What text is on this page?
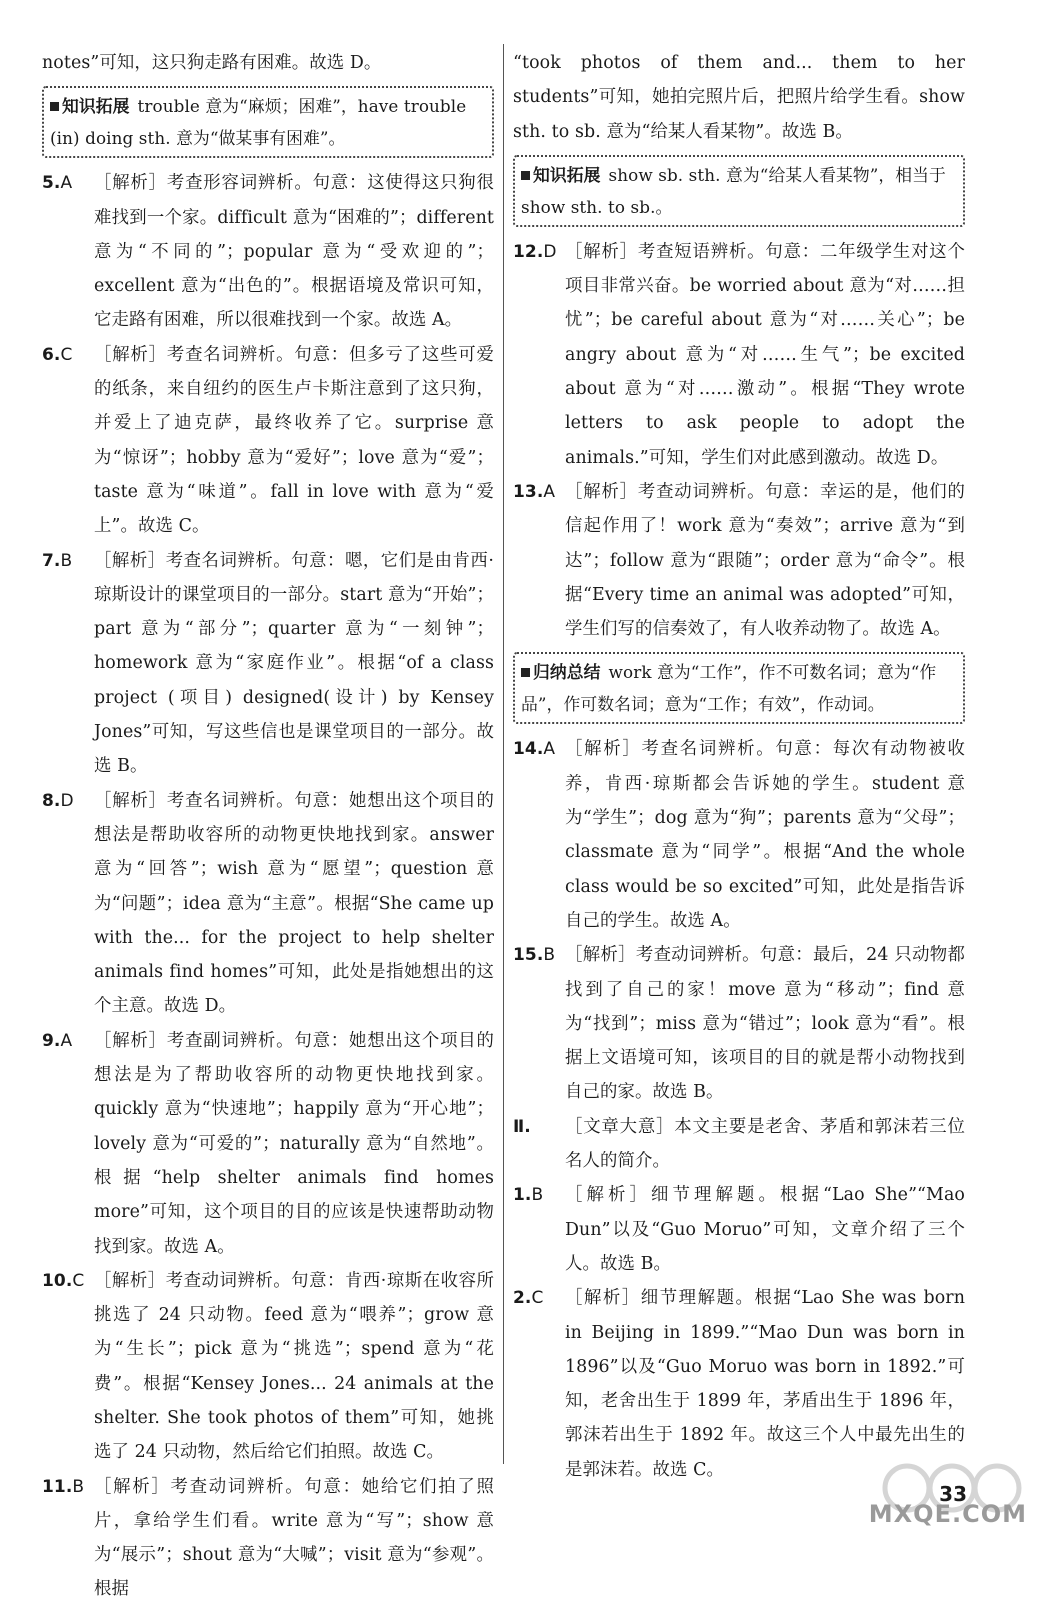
notes”可知，这只狗走路有困难。故选 D。

知识拓展 trouble 意为“麻烦；困难”，have trouble (in) doing sth. 意为“做某事有困难”。
5.A	［解析］考查形容词辨析。句意：这使得这只狗很难找到一个家。difficult 意为“困难的”；different 意为“不同的”；popular 意为“受欢迎的”；excellent 意为“出色的”。根据语境及常识可知，它走路有困难，所以很难找到一个家。故选 A。
6.C	［解析］考查名词辨析。句意：但多亏了这些可爱的纸条，来自纽约的医生卢卡斯注意到了这只狗，并爱上了迪克萨，最终收养了它。surprise 意为“惊讶”；hobby 意为“爱好”；love 意为“爱”；taste 意为“味道”。fall in love with 意为“爱上”。故选 C。
7.B	［解析］考查名词辨析。句意：嗯，它们是由肯西·琼斯设计的课堂项目的一部分。start 意为“开始”；part 意为“部分”；quarter 意为“一刻钟”；homework 意为“家庭作业”。根据“of a class project (项目) designed(设计) by Kensey Jones”可知，写这些信也是课堂项目的一部分。故选 B。
8.D	［解析］考查名词辨析。句意：她想出这个项目的想法是帮助收容所的动物更快地找到家。answer 意为“回答”；wish 意为“愿望”；question 意为“问题”；idea 意为“主意”。根据“She came up with the... for the project to help shelter animals find homes”可知，此处是指她想出的这个主意。故选 D。
9.A	［解析］考查副词辨析。句意：她想出这个项目的想法是为了帮助收容所的动物更快地找到家。quickly 意为“快速地”；happily 意为“开心地”；lovely 意为“可爱的”；naturally 意为“自然地”。根据“help shelter animals find homes more”可知，这个项目的目的应该是快速帮助动物找到家。故选 A。
10.C ［解析］考查动词辨析。句意：肯西·琼斯在收容所挑选了 24 只动物。feed 意为“喂养”；grow 意为“生长”；pick 意为“挑选”；spend 意为“花费”。根据“Kensey Jones... 24 animals at the shelter. She took photos of them”可知，她挑选了 24 只动物，然后给它们拍照。故选 C。
11.B ［解析］考查动词辨析。句意：她给它们拍了照片，拿给学生们看。write 意为“写”；show 意为“展示”；shout 意为“大喊”；visit 意为“参观”。根据

“took photos of them and... them to her students”可知，她拍完照片后，把照片给学生看。show sth. to sb. 意为“给某人看某物”。故选 B。

知识拓展 show sb. sth. 意为“给某人看某物”，相当于 show sth. to sb.。
12.D ［解析］考查短语辨析。句意：二年级学生对这个项目非常兴奋。be worried about 意为“对……担忧”；be careful about 意为“对……关心”；be angry about 意为“对……生气”；be excited about 意为“对……激动”。根据“They wrote letters to ask people to adopt the animals.”可知，学生们对此感到激动。故选 D。
13.A ［解析］考查动词辨析。句意：幸运的是，他们的信起作用了！work 意为“奏效”；arrive 意为“到达”；follow 意为“跟随”；order 意为“命令”。根据“Every time an animal was adopted”可知，学生们写的信奏效了，有人收养动物了。故选 A。
归纳总结 work 意为“工作”，作不可数名词；意为“作品”，作可数名词；意为“工作；有效”，作动词。
14.A ［解析］考查名词辨析。句意：每次有动物被收养，肯西·琼斯都会告诉她的学生。student 意为“学生”；dog 意为“狗”；parents 意为“父母”；classmate 意为“同学”。根据“And the whole class would be so excited”可知，此处是指告诉自己的学生。故选 A。
15.B ［解析］考查动词辨析。句意：最后，24 只动物都找到了自己的家！move 意为“移动”；find 意为“找到”；miss 意为“错过”；look 意为“看”。根据上文语境可知，该项目的目的就是帮小动物找到自己的家。故选 B。
Ⅱ.	［文章大意］本文主要是老舍、茅盾和郭沫若三位名人的简介。
1.B	［解析］细节理解题。根据“Lao She”“Mao Dun”以及“Guo Moruo”可知，文章介绍了三个人。故选 B。
2.C	［解析］细节理解题。根据“Lao She was born in Beijing in 1899.”“Mao Dun was born in 1896”以及“Guo Moruo was born in 1892.”可知，老舍出生于 1899 年，茅盾出生于 1896 年，郭沫若出生于 1892 年。故这三个人中最先出生的是郭沫若。故选 C。
MXQE.COM
33
